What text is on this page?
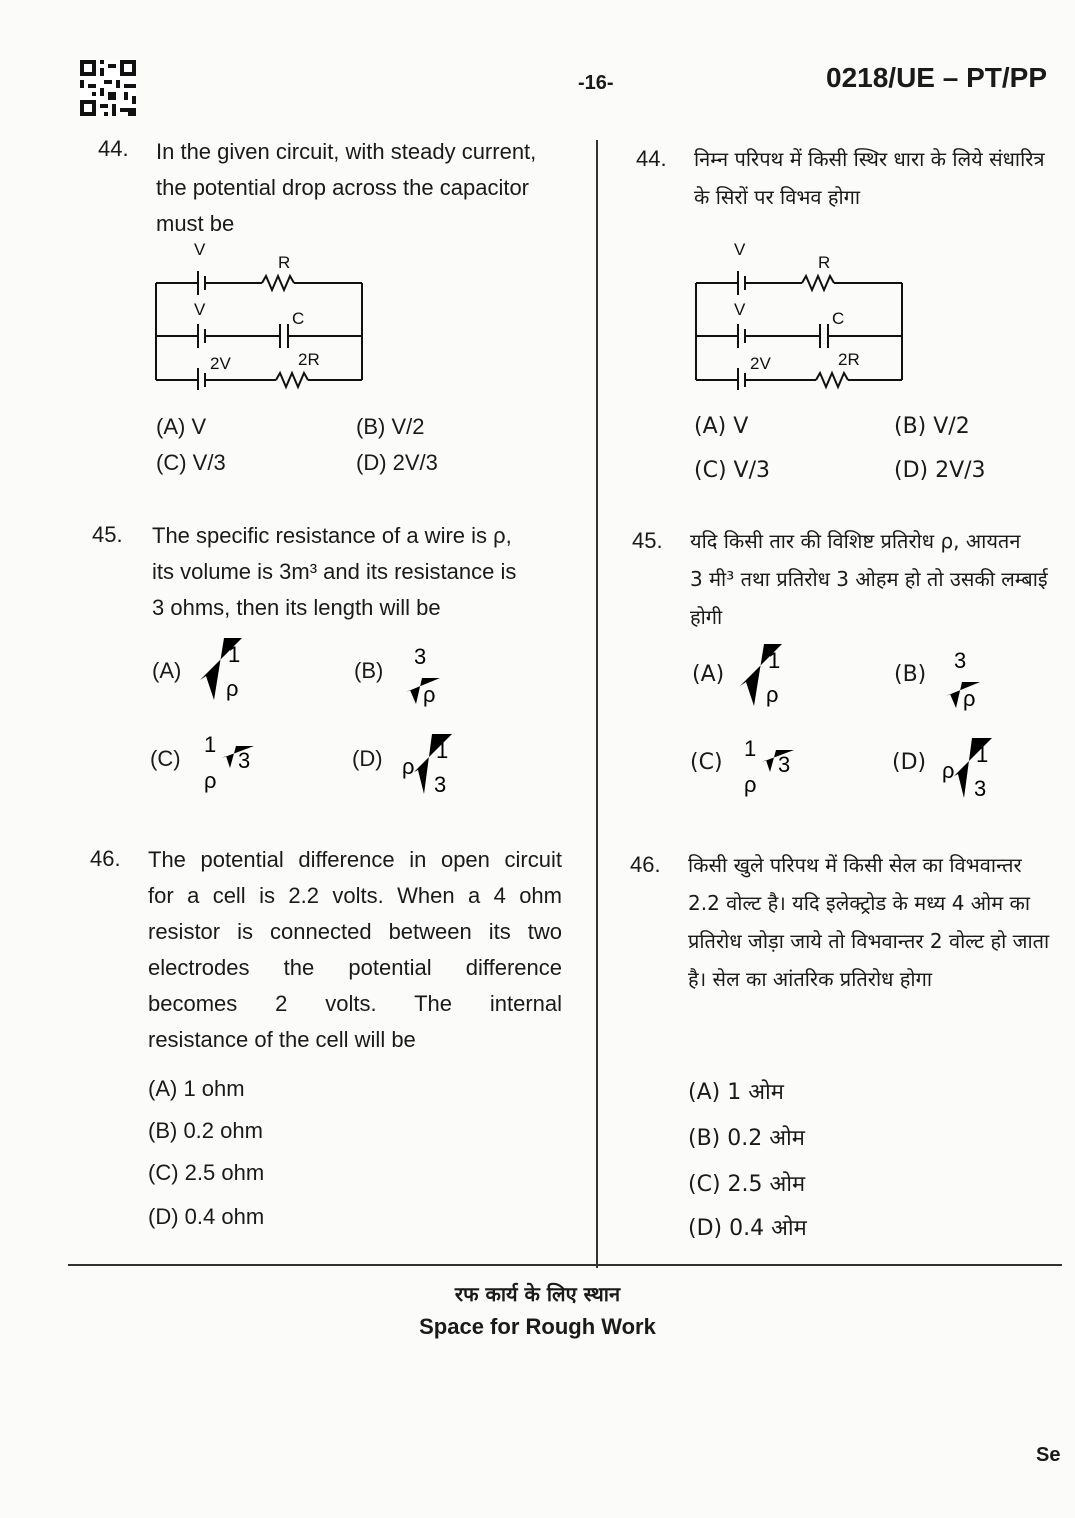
-16-	0218/UE – PT/PP
44. In the given circuit, with steady current,
the potential drop across the capacitor
must be
V
R
V	C
2V	2R
(A) V	(B) V/2
(C) V/3	(D) 2V/3
45. The specific resistance of a wire is ρ,
its volume is 3m³ and its resistance is
3 ohms, then its length will be
(A)
1
ρ
(B)
3
ρ
(C)
1
ρ
3	(D) ρ
1
3
46. The potential difference in open circuit
for a cell is 2.2 volts. When a 4 ohm
resistor is connected between its two
electrodes the potential difference
becomes 2 volts. The internal
resistance of the cell will be
(A) 1 ohm
(B) 0.2 ohm
(C) 2.5 ohm
(D) 0.4 ohm
44. निम्न परिपथ में किसी स्थिर धारा के लिये संधारित्र
के सिरों पर विभव होगा
V
R
V	C
2V	2R
(A) V	(B) V/2
(C) V/3	(D) 2V/3
45. यदि किसी तार की विशिष्ट प्रतिरोध ρ, आयतन
3 मी³ तथा प्रतिरोध 3 ओहम हो तो उसकी लम्बाई
होगी
(A)
1
ρ
(B)
3
ρ
(C)
1
ρ
3	(D) ρ
1
3
46. किसी खुले परिपथ में किसी सेल का विभवान्तर
2.2 वोल्ट है। यदि इलेक्ट्रोड के मध्य 4 ओम का
प्रतिरोध जोड़ा जाये तो विभवान्तर 2 वोल्ट हो जाता
है। सेल का आंतरिक प्रतिरोध होगा
(A) 1 ओम
(B) 0.2 ओम
(C) 2.5 ओम
(D) 0.4 ओम
रफ कार्य के लिए स्थान
Space for Rough Work
Se
